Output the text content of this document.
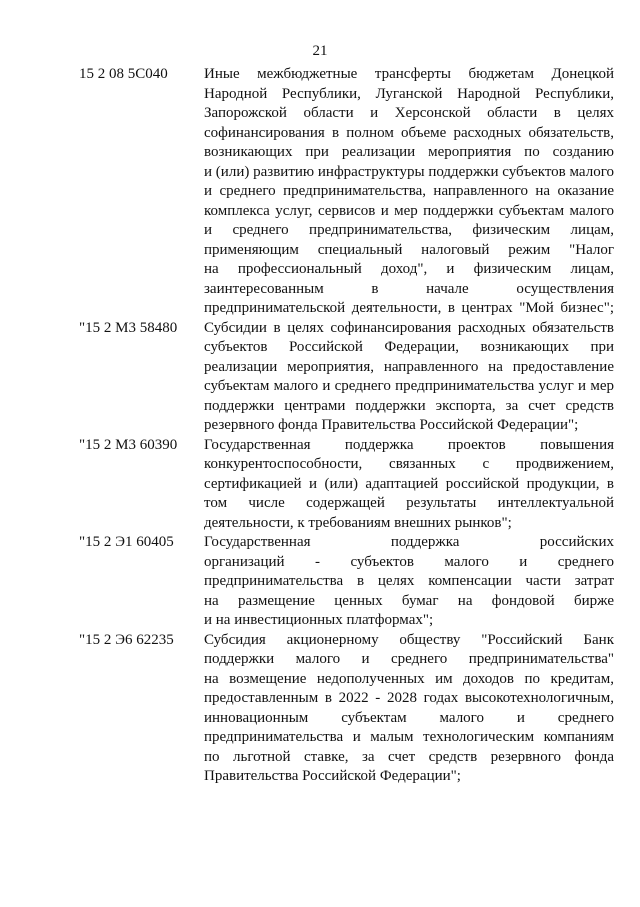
21
15 2 08 5С040	Иные межбюджетные трансферты бюджетам Донецкой
Народной Республики, Луганской Народной Республики,
Запорожской области и Херсонской области в целях
софинансирования в полном объеме расходных обязательств,
возникающих при реализации мероприятия по созданию
и (или) развитию инфраструктуры поддержки субъектов малого
и среднего предпринимательства, направленного на оказание
комплекса услуг, сервисов и мер поддержки субъектам малого
и среднего предпринимательства, физическим лицам,
применяющим специальный налоговый режим "Налог
на профессиональный доход", и физическим лицам,
заинтересованным в начале осуществления
предпринимательской деятельности, в центрах "Мой бизнес";
"15 2 М3 58480	Субсидии в целях софинансирования расходных обязательств
субъектов Российской Федерации, возникающих при
реализации мероприятия, направленного на предоставление
субъектам малого и среднего предпринимательства услуг и мер
поддержки центрами поддержки экспорта, за счет средств
резервного фонда Правительства Российской Федерации";
"15 2 М3 60390	Государственная поддержка проектов повышения
конкурентоспособности, связанных с продвижением,
сертификацией и (или) адаптацией российской продукции, в
том числе содержащей результаты интеллектуальной
деятельности, к требованиям внешних рынков";
"15 2 Э1 60405	Государственная поддержка российских
организаций - субъектов малого и среднего
предпринимательства в целях компенсации части затрат
на размещение ценных бумаг на фондовой бирже
и на инвестиционных платформах";
"15 2 Э6 62235	Субсидия акционерному обществу "Российский Банк
поддержки малого и среднего предпринимательства"
на возмещение недополученных им доходов по кредитам,
предоставленным в 2022 - 2028 годах высокотехнологичным,
инновационным субъектам малого и среднего
предпринимательства и малым технологическим компаниям
по льготной ставке, за счет средств резервного фонда
Правительства Российской Федерации";
